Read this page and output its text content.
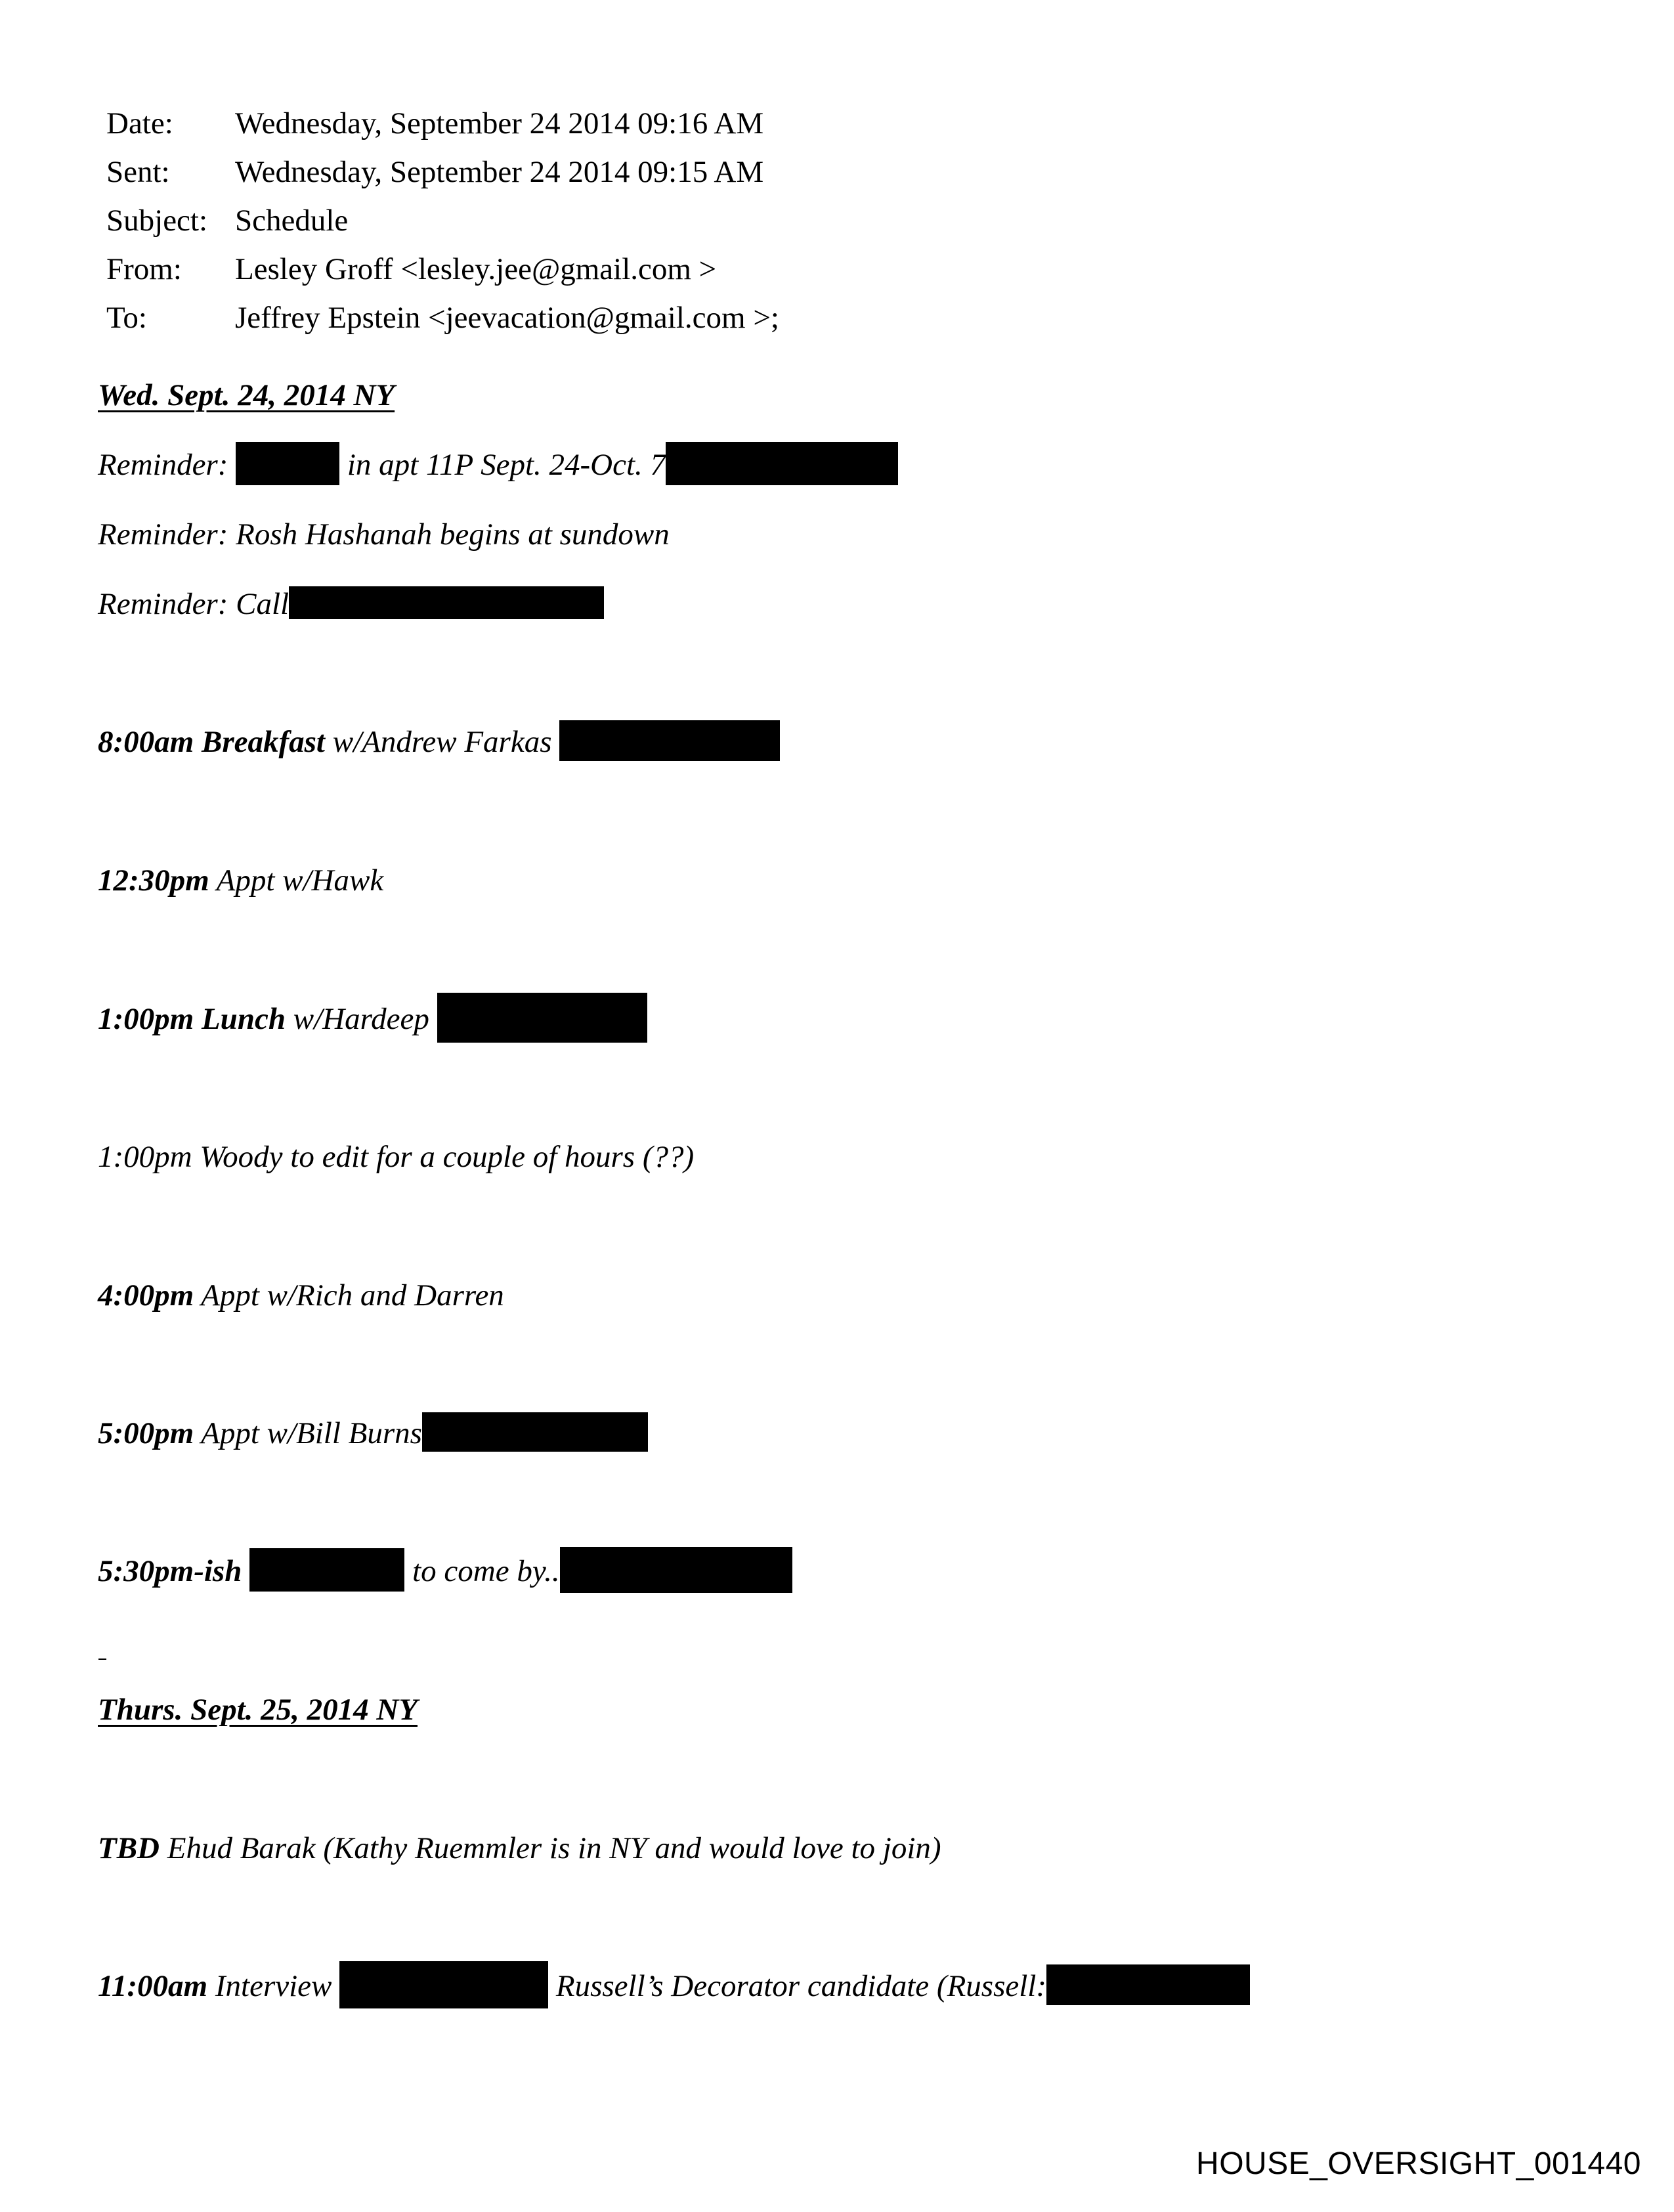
Date: Wednesday, September 24 2014 09:16 AM
Sent: Wednesday, September 24 2014 09:15 AM
Subject: Schedule
From: Lesley Groff <lesley.jee@gmail.com >
To:	Jeffrey Epstein <jeevacation@gmail.com >;
Wed. Sept. 24, 2014 NY
Reminder:	in apt 11P Sept. 24-Oct. 7
Reminder: Rosh Hashanah begins at sundown
Reminder: Call
8:00am Breakfast w/Andrew Farkas
12:30pm Appt w/Hawk
1:00pm Lunch w/Hardeep
1:00pm Woody to edit for a couple of hours (??)
4:00pm Appt w/Rich and Darren
5:00pm Appt w/Bill Burns
5:30pm-ish	to come by..
Thurs. Sept. 25, 2014 NY
TBD Ehud Barak (Kathy Ruemmler is in NY and would love to join)
11:00am Interview	Russell’s Decorator candidate (Russell:
HOUSE_OVERSIGHT_001440
